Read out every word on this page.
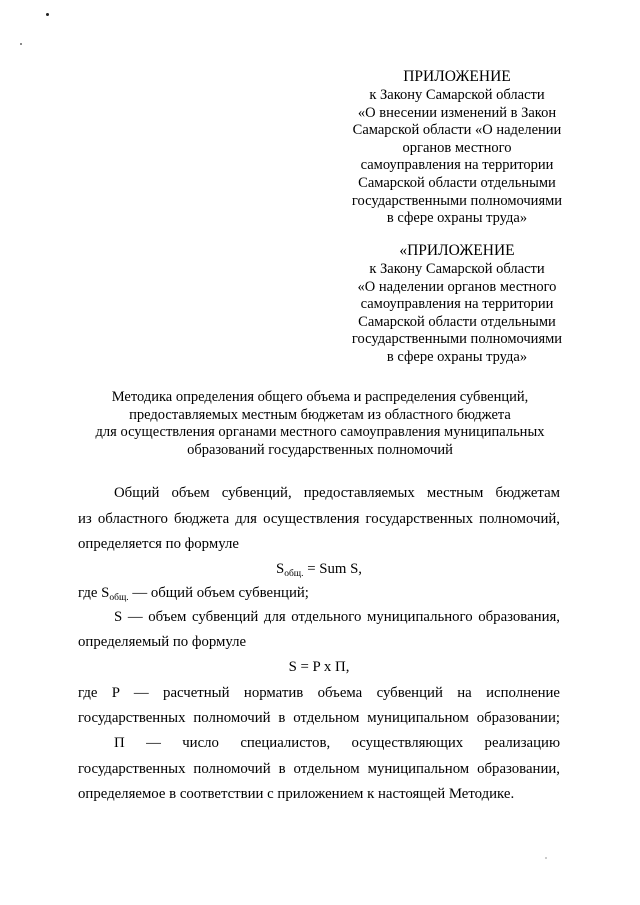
ПРИЛОЖЕНИЕ
к Закону Самарской области
«О внесении изменений в Закон
Самарской области «О наделении
органов местного
самоуправления на территории
Самарской области отдельными
государственными полномочиями
в сфере охраны труда»
«ПРИЛОЖЕНИЕ
к Закону Самарской области
«О наделении органов местного
самоуправления на территории
Самарской области отдельными
государственными полномочиями
в сфере охраны труда»
Методика определения общего объема и распределения субвенций,
предоставляемых местным бюджетам из областного бюджета
для осуществления органами местного самоуправления муниципальных
образований государственных полномочий
Общий объем субвенций, предоставляемых местным бюджетам
из областного бюджета для осуществления государственных полномочий,
определяется по формуле
$S_{общ.}$ = Sum S,
где $S_{общ.}$ — общий объем субвенций;
S — объем субвенций для отдельного муниципального образования,
определяемый по формуле
S = P x П,
где P — расчетный норматив объема субвенций на исполнение
государственных полномочий в отдельном муниципальном образовании;
П — число специалистов, осуществляющих реализацию
государственных полномочий в отдельном муниципальном образовании,
определяемое в соответствии с приложением к настоящей Методике.
